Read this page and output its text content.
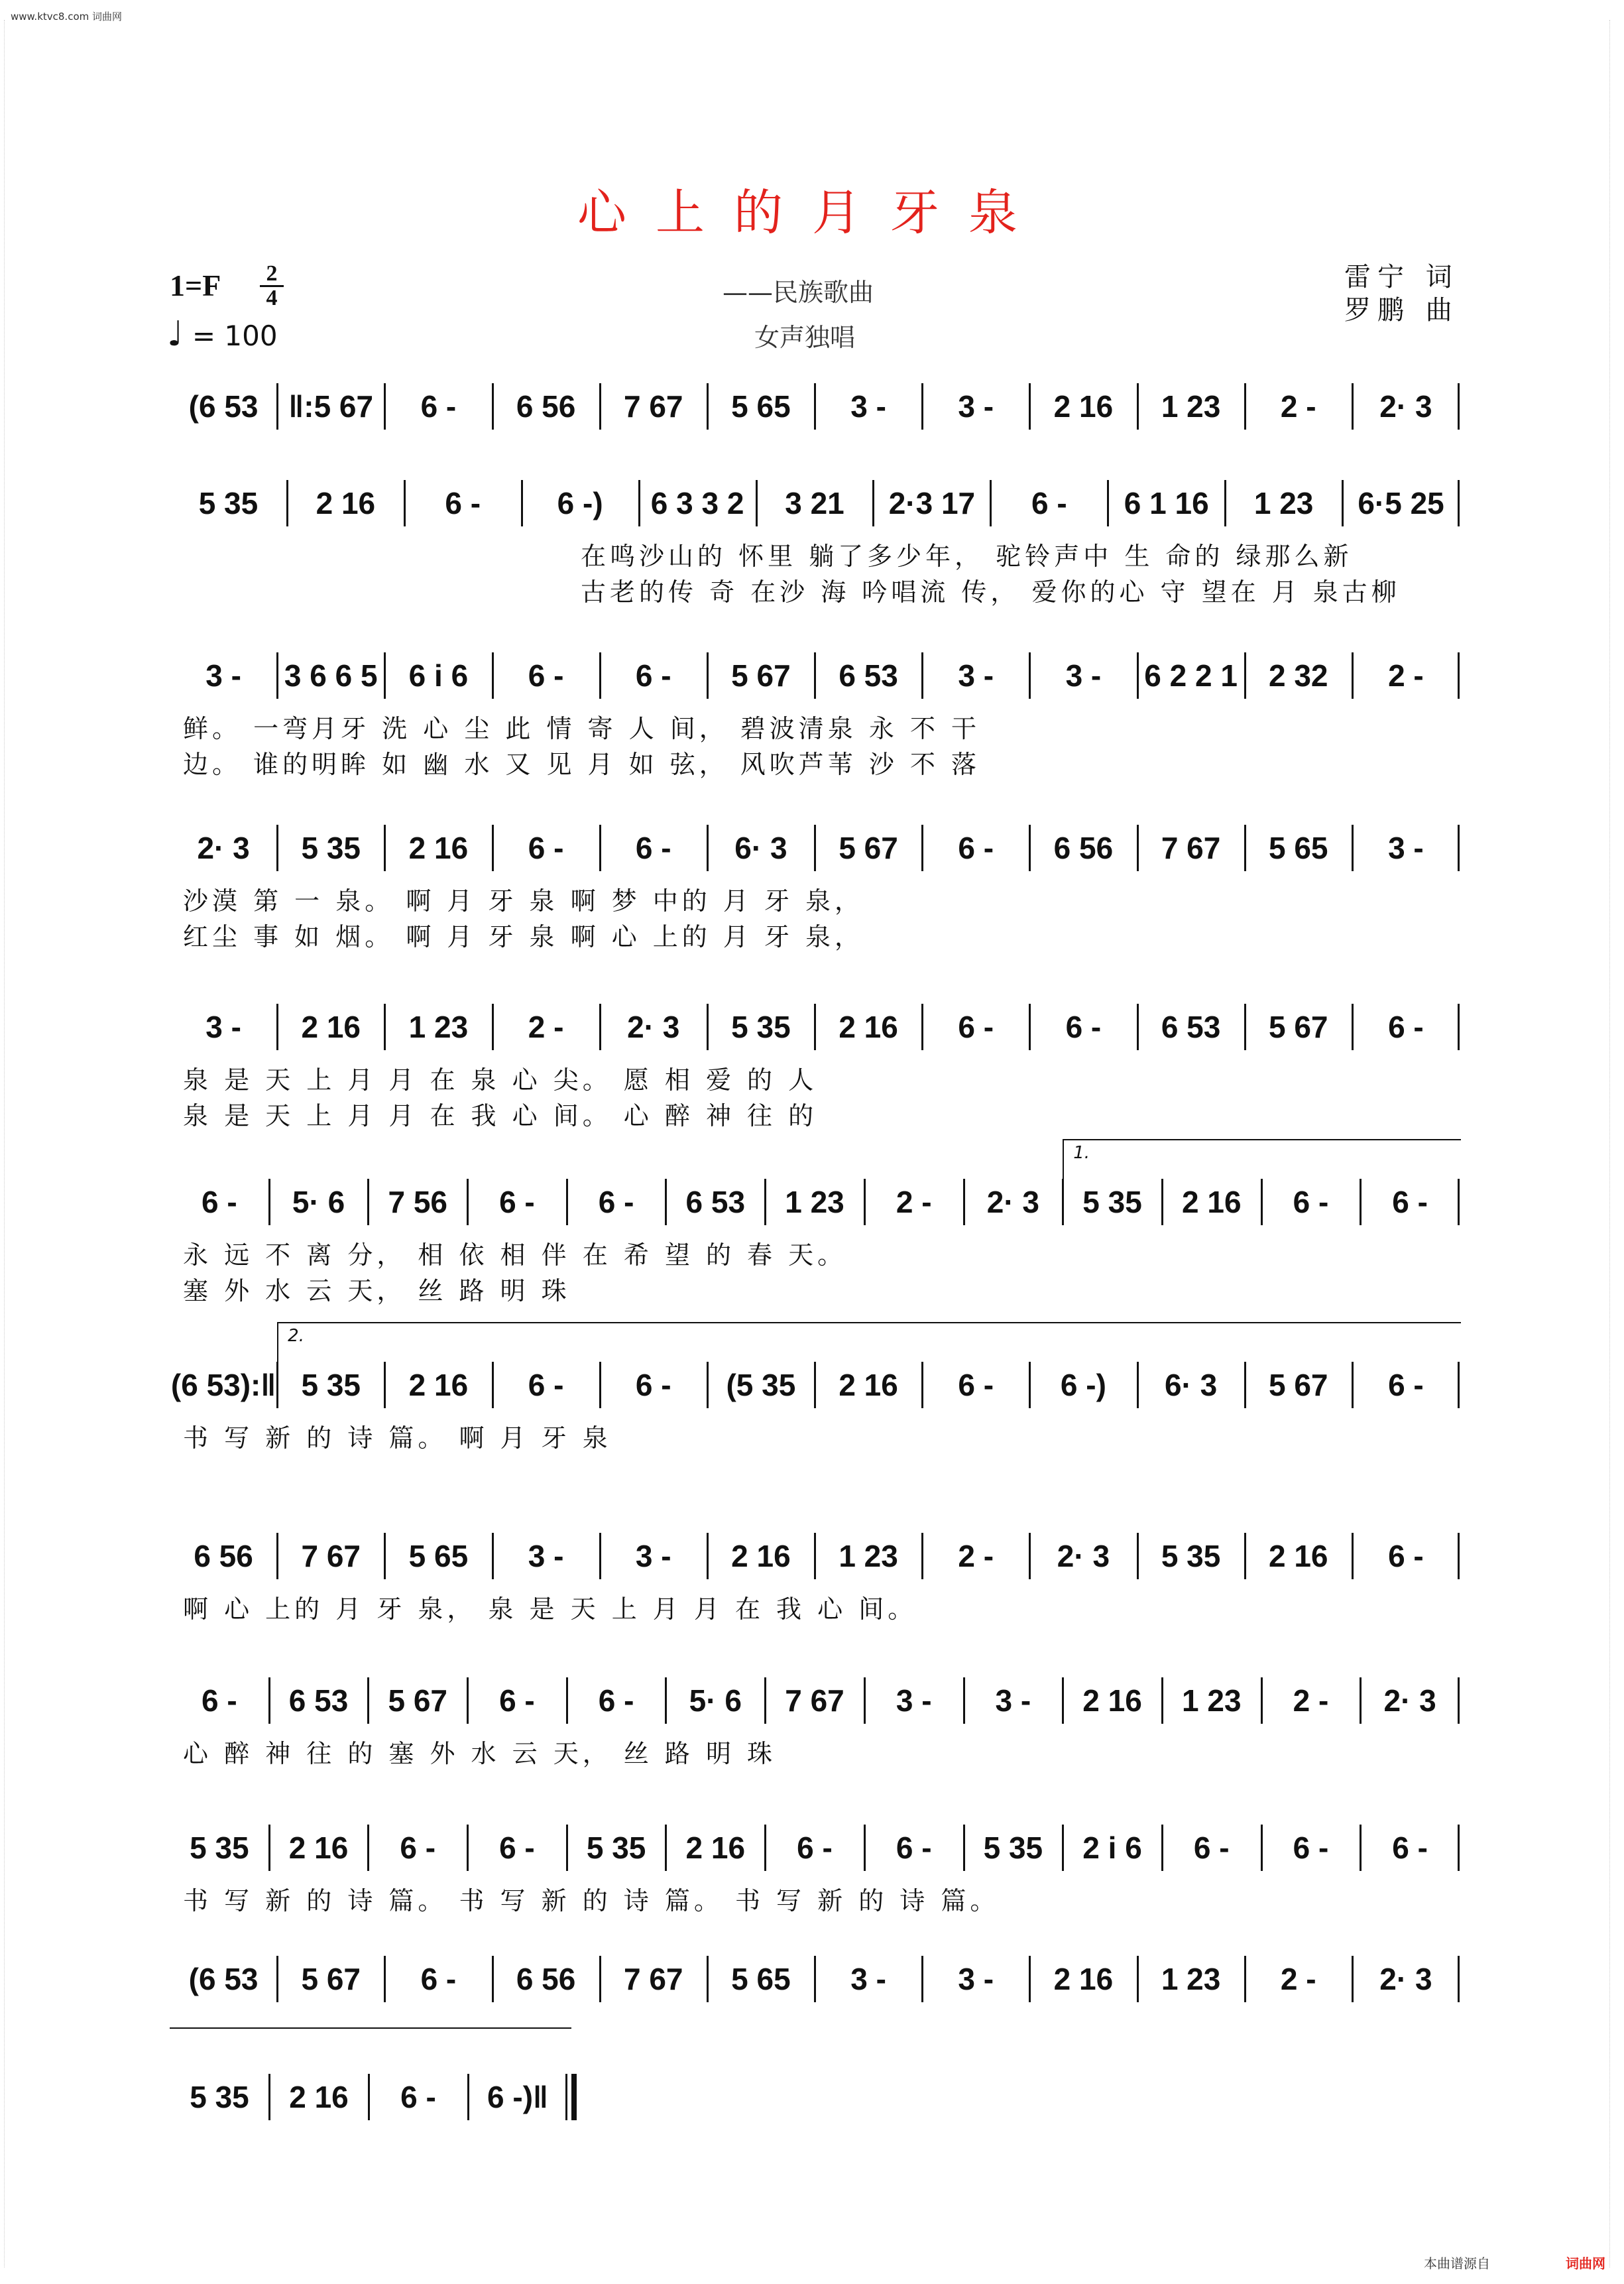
www.ktvc8.com 词曲网
心上的月牙泉
1=F	2
4
♩ = 100
——民族歌曲
女声独唱
雷宁 词
罗鹏 曲
(6 53 ‖:5 67	6 -	6 56	7 67	5 65	3 -	3 -	2 16	1 23	2 -	2· 3
5 35	2 16	6 -	6 -)	6 3 3 2	3 21	2·3 17	6 -	6 1 16	1 23	6·5 25
在鸣沙山的 怀里 躺了多少年， 驼铃声中 生 命的 绿那么新
古老的传 奇 在沙 海 吟唱流 传， 爱你的心 守 望在 月 泉古柳
3 -	3 6 6 5	6 i 6	6 -	6 -	5 67	6 53	3 -	3 -	6 2 2 1	2 32	2 -
鲜。 一弯月牙 洗 心 尘 此 情 寄 人 间， 碧波清泉 永 不 干
边。 谁的明眸 如 幽 水 又 见 月 如 弦， 风吹芦苇 沙 不 落
2· 3	5 35	2 16	6 -	6 -	6· 3	5 67	6 -	6 56	7 67	5 65	3 -
沙漠 第 一 泉。 啊 月 牙 泉 啊 梦 中的 月 牙 泉，
红尘 事 如 烟。 啊 月 牙 泉 啊 心 上的 月 牙 泉，
3 -	2 16	1 23	2 -	2· 3	5 35	2 16	6 -	6 -	6 53	5 67	6 -
泉 是 天 上 月 月 在 泉 心 尖。 愿 相 爱 的 人
泉 是 天 上 月 月 在 我 心 间。 心 醉 神 往 的
6 -	5· 6	7 56	6 -	6 -	6 53	1 23	2 -	2· 3	5 35	2 16	6 -	6 -
1.
永 远 不 离 分， 相 依 相 伴 在 希 望 的 春 天。
塞 外 水 云 天， 丝 路 明 珠
(6 53):‖ 5 35	2 16	6 -	6 -	(5 35	2 16	6 -	6 -)	6· 3	5 67	6 -
2.
书 写 新 的 诗 篇。 啊 月 牙 泉
6 56	7 67	5 65	3 -	3 -	2 16	1 23	2 -	2· 3	5 35	2 16	6 -
啊 心 上的 月 牙 泉， 泉 是 天 上 月 月 在 我 心 间。
6 -	6 53	5 67	6 -	6 -	5· 6	7 67	3 -	3 -	2 16	1 23	2 -	2· 3
心 醉 神 往 的 塞 外 水 云 天， 丝 路 明 珠
5 35	2 16	6 -	6 -	5 35	2 16	6 -	6 -	5 35	2 i 6	6 -	6 -	6 -
书 写 新 的 诗 篇。 书 写 新 的 诗 篇。 书 写 新 的 诗 篇。
(6 53	5 67	6 -	6 56	7 67	5 65	3 -	3 -	2 16	1 23	2 -	2· 3
5 35	2 16	6 -	6 -)‖
本曲谱源自	词曲网
